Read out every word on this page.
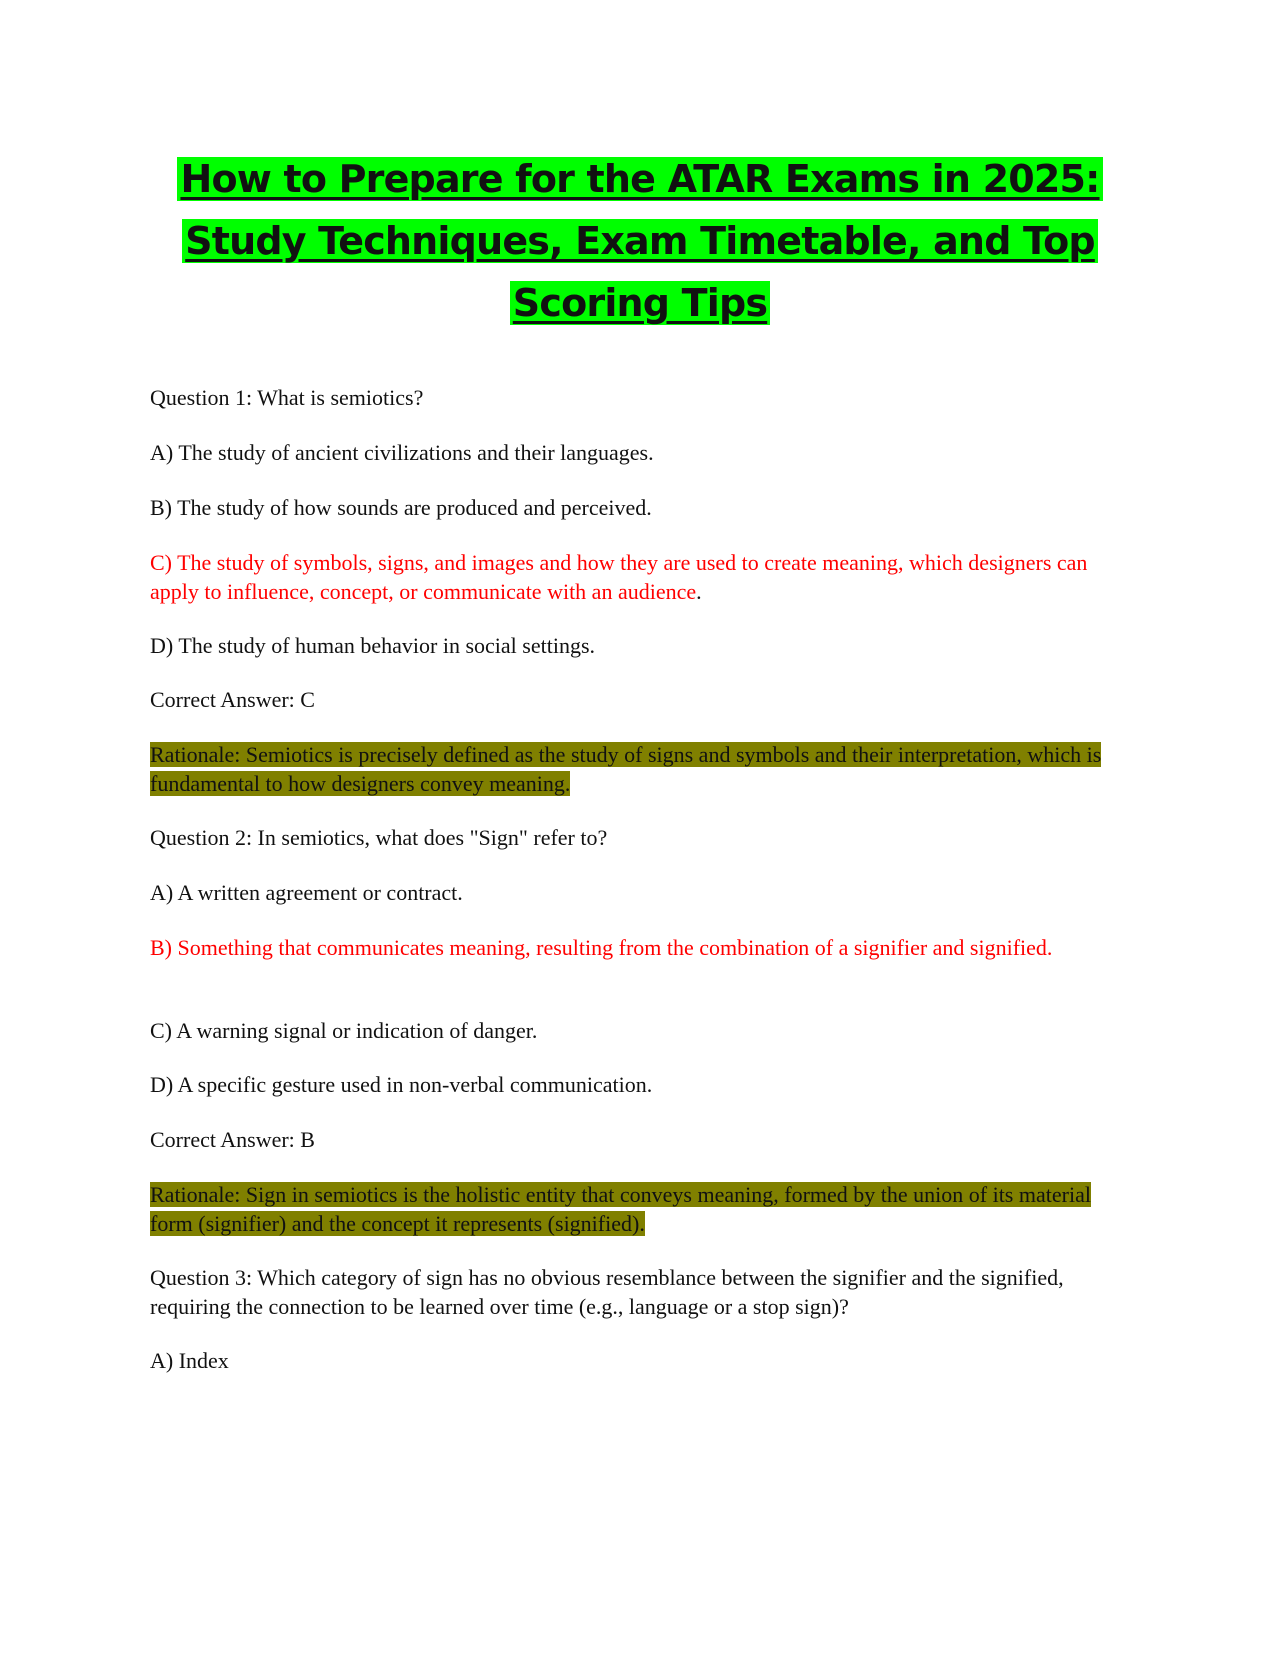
How to Prepare for the ATAR Exams in 2025:
Study Techniques, Exam Timetable, and Top
Scoring Tips

Question 1: What is semiotics?

A) The study of ancient civilizations and their languages.

B) The study of how sounds are produced and perceived.

C) The study of symbols, signs, and images and how they are used to create meaning, which designers can apply to influence, concept, or communicate with an audience.

D) The study of human behavior in social settings.

Correct Answer: C

Rationale: Semiotics is precisely defined as the study of signs and symbols and their interpretation, which is fundamental to how designers convey meaning.

Question 2: In semiotics, what does "Sign" refer to?

A) A written agreement or contract.

B) Something that communicates meaning, resulting from the combination of a signifier and signified.

C) A warning signal or indication of danger.

D) A specific gesture used in non-verbal communication.

Correct Answer: B

Rationale: Sign in semiotics is the holistic entity that conveys meaning, formed by the union of its material form (signifier) and the concept it represents (signified).

Question 3: Which category of sign has no obvious resemblance between the signifier and the signified, requiring the connection to be learned over time (e.g., language or a stop sign)?

A) Index
